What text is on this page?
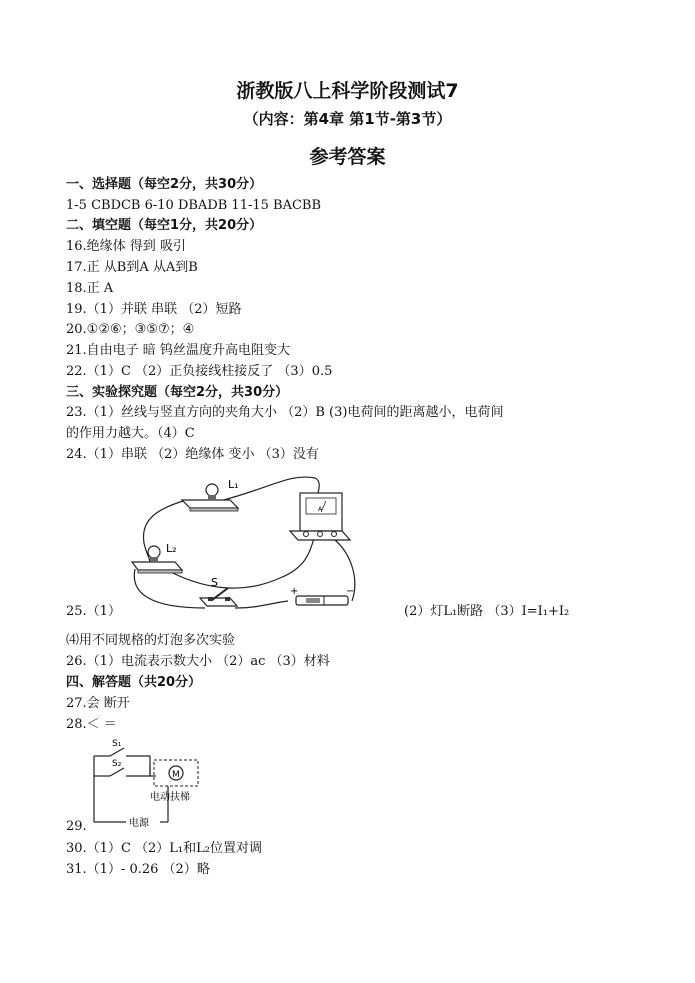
浙教版八上科学阶段测试7
（内容：第4章 第1节-第3节）
参考答案
一、选择题（每空2分，共30分）
1-5 CBDCB 6-10 DBADB 11-15 BACBB
二、填空题（每空1分，共20分）
16.绝缘体 得到 吸引
17.正 从B到A 从A到B
18.正 A
19.（1）并联 串联 （2）短路
20.①②⑥；③⑤⑦；④
21.自由电子 暗 钨丝温度升高电阻变大
22.（1）C （2）正负接线柱接反了 （3）0.5
三、实验探究题（每空2分，共30分）
23.（1）丝线与竖直方向的夹角大小 （2）B (3)电荷间的距离越小，电荷间
的作用力越大。（4）C
24.（1）串联 （2）绝缘体 变小 （3）没有
L₁
L₂
A
S
+	−
25.（1）	(2）灯L₁断路 （3）I=I₁+I₂
⑷用不同规格的灯泡多次实验
26.（1）电流表示数大小 （2）ac （3）材料
四、解答题（共20分）
27.会 断开
28.＜ ＝
M
S₁
S₂
电动扶梯
电源
29.
30.（1）C （2）L₁和L₂位置对调
31.（1）- 0.26 （2）略
